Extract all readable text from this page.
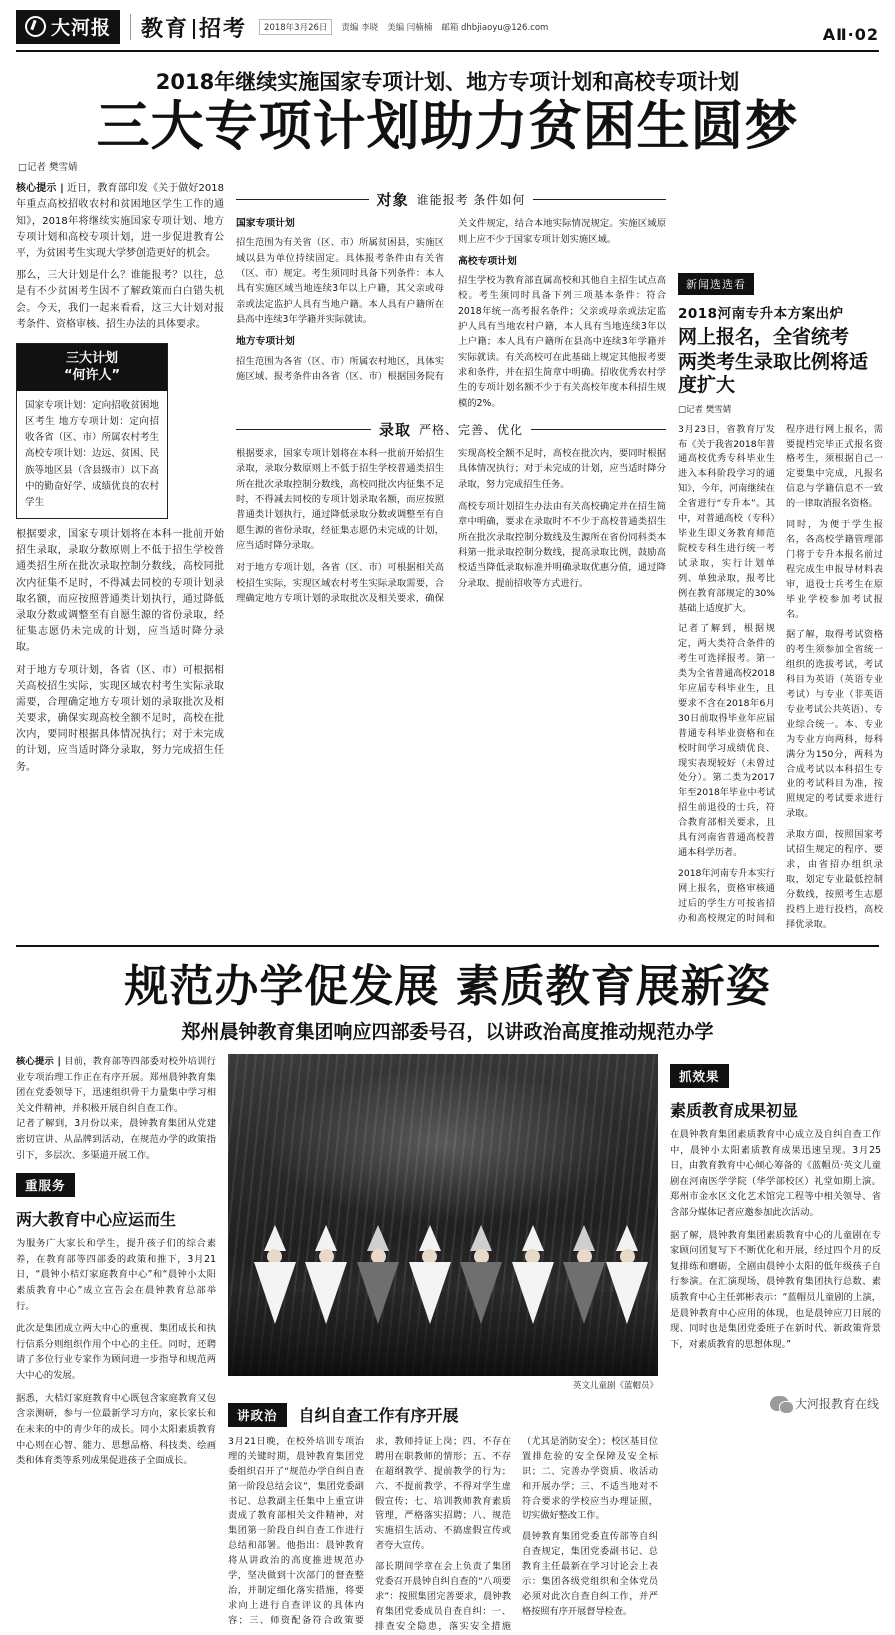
大河报 教育 招考	2018年3月26日	责编 李晓 美编 闫楠楠 邮箱 dhbjiaoyu@126.com	AⅡ·02
2018年继续实施国家专项计划、地方专项计划和高校专项计划
三大专项计划助力贫困生圆梦
□记者 樊雪婧
核心提示 | 近日，教育部印发《关于做好2018年重点高校招收农村和贫困地区学生工作的通知》，2018年将继续实施国家专项计划、地方专项计划和高校专项计划，进一步促进教育公平，为贫困考生实现大学梦创造更好的机会。
那么，三大计划是什么？谁能报考？以往，总是有不少贫困考生因不了解政策而白白错失机会。今天，我们一起来看看，这三大计划对报考条件、资格审核、招生办法的具体要求。
三大计划
“何许人”
国家专项计划：定向招收贫困地区考生 地方专项计划：定向招收各省（区、市）所属农村考生 高校专项计划：边远、贫困、民族等地区县（含县级市）以下高中的勤奋好学、成绩优良的农村学生
根据要求，国家专项计划将在本科一批前开始招生录取，录取分数原则上不低于招生学校普通类招生所在批次录取控制分数线，高校同批次内征集不足时，不得减去同校的专项计划录取名额，而应按照普通类计划执行，通过降低录取分数或调整至有自愿生源的省份录取，经征集志愿仍未完成的计划，应当适时降分录取。
对于地方专项计划，各省（区、市）可根据相关高校招生实际，实现区域农村考生实际录取需要，合理确定地方专项计划的录取批次及相关要求，确保实现高校全额不足时，高校在批次内，要同时根据具体情况执行；对于未完成的计划，应当适时降分录取，努力完成招生任务。
对象 谁能报考 条件如何

国家专项计划
招生范围为有关省（区、市）所属贫困县，实施区域以县为单位持续固定。具体报考条件由有关省（区、市）规定。考生须同时具备下列条件：本人具有实施区域当地连续3年以上户籍，其父亲或母亲或法定监护人具有当地户籍。本人具有户籍所在县高中连续3年学籍并实际就读。

地方专项计划
招生范围为各省（区、市）所属农村地区，具体实施区域、报考条件由各省（区、市）根据国务院有关文件规定，结合本地实际情况规定。实施区域原则上应不少于国家专项计划实施区域。

高校专项计划
招生学校为教育部直属高校和其他自主招生试点高校。考生须同时具备下列三项基本条件：符合2018年统一高考报名条件；父亲或母亲或法定监护人具有当地农村户籍，本人具有当地连续3年以上户籍；本人具有户籍所在县高中连续3年学籍并实际就读。有关高校可在此基础上规定其他报考要求和条件，并在招生简章中明确。招收优秀农村学生的专项计划名额不少于有关高校年度本科招生规模的2%。

录取 严格、完善、优化

根据要求，国家专项计划将在本科一批前开始招生录取，录取分数原则上不低于招生学校普通类招生所在批次录取控制分数线，高校同批次内征集不足时，不得减去同校的专项计划录取名额，而应按照普通类计划执行，通过降低录取分数或调整至有自愿生源的省份录取，经征集志愿仍未完成的计划，应当适时降分录取。

对于地方专项计划，各省（区、市）可根据相关高校招生实际，实现区域农村考生实际录取需要，合理确定地方专项计划的录取批次及相关要求，确保实现高校全额不足时，高校在批次内，要同时根据具体情况执行；对于未完成的计划，应当适时降分录取，努力完成招生任务。

高校专项计划招生办法由有关高校确定并在招生简章中明确，要求在录取时不不少于高校普通类招生所在批次录取控制分数线及生源所在省份同科类本科第一批录取控制分数线，提高录取比例，鼓励高校适当降低录取标准并明确录取优惠分值，通过降分录取、提前招收等方式进行。

新闻选选看
2018河南专升本方案出炉
网上报名，全省统考
两类考生录取比例将适度扩大
□记者 樊雪婧

3月23日，省教育厅发布《关于我省2018年普通高校优秀专科毕业生进入本科阶段学习的通知》，今年，河南继续在全省进行“专升本”。其中，对普通高校（专科）毕业生即义务教育师范院校专科生进行统一考试录取，实行计划单列、单独录取，报考比例在教育部规定的30%基础上适度扩大。

记者了解到，根据规定，两大类符合条件的考生可选择报考。第一类为全省普通高校2018年应届专科毕业生，且要求不含在2018年6月30日前取得毕业年应届普通专科毕业资格和在校时间学习成绩优良、现实表现较好（未曾过处分）。第二类为2017年至2018年毕业中考试招生前退役的士兵，符合教育部相关要求，且具有河南省普通高校普通本科学历者。

2018年河南专升本实行网上报名，资格审核通过后的学生方可按省招办和高校规定的时间和程序进行网上报名，需要提档完毕正式报名资格考生，须根据自己一定要集中完成，凡报名信息与学籍信息不一致的一律取消报名资格。

同时，为便于学生报名，各高校学籍管理部门将于专升本报名前过程完成生申报导材料表审，退役士兵考生在原毕业学校参加考试报名。

据了解，取得考试资格的考生须参加全省统一组织的选拔考试，考试科目为英语（英语专业考试）与专业（非英语专业考试公共英语）、专业综合统一。本、专业为专业方向两科，每科满分为150分，两科为合成考试以本科招生专业的考试科目为准，按照规定的考试要求进行录取。

录取方面，按照国家考试招生规定的程序、要求，由省招办组织录取，划定专业最低控制分数线，按照考生志愿投档上进行投档，高校择优录取。

规范办学促发展 素质教育展新姿
郑州晨钟教育集团响应四部委号召，以讲政治高度推动规范办学
核心提示 | 目前，教育部等四部委对校外培训行业专项治理工作正在有序开展。郑州晨钟教育集团在党委领导下，迅速组织骨干力量集中学习相关文件精神，并积极开展自纠自查工作。
记者了解到，3月份以来，晨钟教育集团从党建密切宣讲、从品牌到活动，在规范办学的政策指引下，多层次、多渠道开展工作。
重服务
两大教育中心应运而生

为服务广大家长和学生，提升孩子们的综合素养，在教育部等四部委的政策和推下，3月21日，“晨钟小桔灯家庭教育中心”和“晨钟小太阳素质教育中心”成立宣告会在晨钟教育总部举行。

此次是集团成立两大中心的重视、集团成长和执行信系分则组织作用个中心的主任。同时，还聘请了多位行业专家作为顾问进一步指导和规范两大中心的发展。

据悉，大桔灯家庭教育中心既包含家庭教育又包含亲测研，参与一位最新学习方向，家长家长和在未来的中的青少年的成长。同小太阳素质教育中心则在心智、能力、思想品格、科技类、绘画类和体育类等系列成果促进孩子全面成长。

英文儿童剧《蓝帽员》
讲政治	自纠自查工作有序开展

3月21日晚，在校外培训专项治理的关键时期，晨钟教育集团党委组织召开了“规范办学自纠自查第一阶段总结会议”，集团党委副书记、总教副主任集中上重宣讲责成了教育部相关文件精神，对集团第一阶段自纠自查工作进行总结和部署。他指出：晨钟教育将从讲政治的高度推进规范办学，坚决做到十次部门的督查整治，并制定细化落实措施，将要求向上进行自查评议的具体内容；三、师资配备符合政策要求，教师持证上岗；四、不存在聘用在职教师的情形；五、不存在超纲教学、提前教学的行为；六、不提前教学、不得对学生虚假宣传；七、培训教师教育素质管理，严格落实招聘；八、规范实施招生活动、不搞虚假宣传或者夸大宣传。

部长期间学章在会上负责了集团党委召开晨钟自纠自查的“八项要求”：按照集团完善要求，晨钟教育集团党委成员自查自纠：一、排查安全隐患，落实安全措施（尤其是消防安全）；校区基目位置排危验的安全保障及安全标识；二、完善办学资质、收活动和开展办学；三、不适当地对不符合要求的学校应当办理证照，切实做好整改工作。

晨钟教育集团党委直传部等自纠自查规定，集团党委副书记、总教育主任最新在学习讨论会上表示：集团各级党组织和全体党员必须对此次自查自纠工作，并严格按照有序开展督导检查。

抓效果
素质教育成果初显

在晨钟教育集团素质教育中心成立及自纠自查工作中，晨钟小太阳素质教育成果迅速呈现。3月25日，由教育教育中心倾心筹备的《蓝帽员·英文儿童剧在河南医学学院（华学部校区）礼堂如期上演。郑州市金水区文化艺术馆完工程等中相关领导、省含部分媒体记者应邀参加此次活动。

据了解，晨钟教育集团素质教育中心的儿童剧在专家顾问团复写下不断优化和开展，经过四个月的反复排练和磨砺，全剧由晨钟小太阳的低年级孩子自行参演。在汇演现场，晨钟教育集团执行总数、素质教育中心主任郭彬表示：“蓝帽员儿童剧的上演，是晨钟教育中心应用的体现，也是晨钟应刀日展的现、同时也是集团党委班子在新时代、新政策背景下，对素质教育的思想体现。”

大河报教育在线
